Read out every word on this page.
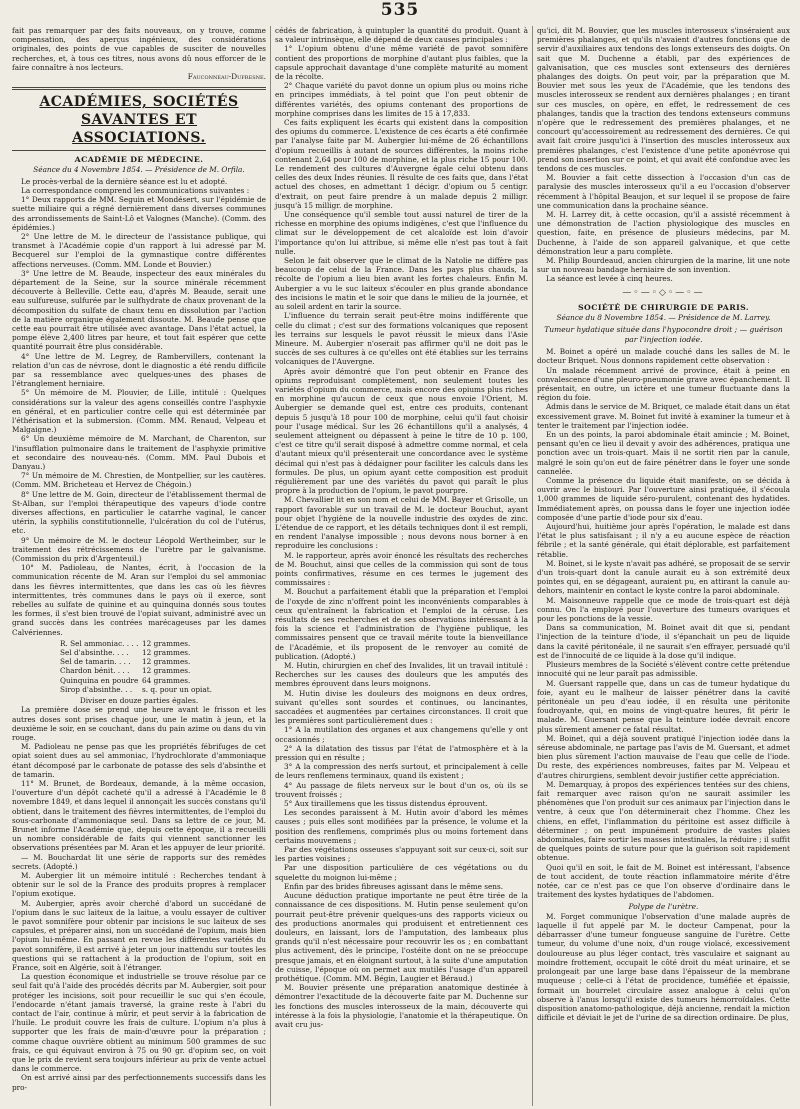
535

fait pas remarquer par des faits nouveaux, on y trouve, comme compensation, des aperçus ingénieux, des considérations originales, des points de vue capables de susciter de nouvelles recherches, et, à tous ces titres, nous avons dû nous efforcer de le faire connaître à nos lecteurs.

Fauconneau-Dufresne.
ACADÉMIES, SOCIÉTÉS SAVANTES ET ASSOCIATIONS.
ACADÉMIE DE MÉDECINE.
Séance du 4 Novembre 1854. — Présidence de M. Orfila.

Le procès-verbal de la dernière séance est lu et adopté.

La correspondance comprend les communications suivantes :

1° Deux rapports de MM. Seguin et Mondésert, sur l'épidémie de suette miliaire qui a régné dernièrement dans diverses communes des arrondissements de Saint-Lô et Valognes (Manche). (Comm. des épidémies.)

2° Une lettre de M. le directeur de l'assistance publique, qui transmet à l'Académie copie d'un rapport à lui adressé par M. Becquerel sur l'emploi de la gymnastique contre différentes affections nerveuses. (Comm. MM. Londe et Bouvier.)

3° Une lettre de M. Beaude, inspecteur des eaux minérales du département de la Seine, sur la source minérale récemment découverte à Belleville. Cette eau, d'après M. Beaude, serait une eau sulfureuse, sulfurée par le sulfhydrate de chaux provenant de la décomposition du sulfate de chaux tenu en dissolution par l'action de la matière organique également dissoute. M. Beaude pense que cette eau pourrait être utilisée avec avantage. Dans l'état actuel, la pompe élève 2,400 litres par heure, et tout fait espérer que cette quantité pourrait être plus considérable.

4° Une lettre de M. Legrey, de Rambervillers, contenant la relation d'un cas de névrose, dont le diagnostic a été rendu difficile par sa ressemblance avec quelques-unes des phases de l'étranglement herniaire.

5° Un mémoire de M. Plouvier, de Lille, intitulé : Quelques considérations sur la valeur des agens conseillés contre l'asphyxie en général, et en particulier contre celle qui est déterminée par l'éthérisation et la submersion. (Comm. MM. Renaud, Velpeau et Malgaigne.)

6° Un deuxième mémoire de M. Marchant, de Charenton, sur l'insufflation pulmonaire dans le traitement de l'asphyxie primitive et secondaire des nouveau-nés. (Comm. MM. Paul Dubois et Danyau.)

7° Un mémoire de M. Chrestien, de Montpellier, sur les cautères. (Comm. MM. Bricheteau et Hervez de Chégoin.)

8° Une lettre de M. Goin, directeur de l'établissement thermal de St-Alban, sur l'emploi thérapeutique des vapeurs d'iode contre diverses affections, en particulier le catarrhe vaginal, le cancer utérin, la syphilis constitutionnelle, l'ulcération du col de l'utérus, etc.

9° Un mémoire de M. le docteur Léopold Wertheimber, sur le traitement des rétrécissemens de l'urètre par le galvanisme. (Commission du prix d'Argenteuil.)

10° M. Padioleau, de Nantes, écrit, à l'occasion de la communication récente de M. Aran sur l'emploi du sel ammoniac dans les fièvres intermittentes, que dans les cas où les fièvres intermittentes, très communes dans le pays où il exerce, sont rebelles au sulfate de quinine et au quinquina donnés sous toutes les formes, il s'est bien trouvé de l'opiat suivant, administré avec un grand succès dans les contrées marécageuses par les dames Calvériennes.

R. Sel ammoniac. . . . 12 grammes.
Sel d'absinthe. . . .	12 grammes.
Sel de tamarin. . . .	12 grammes.
Chardon bénit. . . .	12 grammes.
Quinquina en poudre 64 grammes.
Sirop d'absinthe. . .	s. q. pour un opiat.
Diviser en douze parties égales.

La première dose se prend une heure avant le frisson et les autres doses sont prises chaque jour, une le matin à jeun, et la deuxième le soir, en se couchant, dans du pain azime ou dans du vin rouge.

M. Padioleau ne pense pas que les propriétés fébrifuges de cet opiat soient dues au sel ammoniac, l'hydrochlorate d'ammoniaque étant décomposé par le carbonate de potasse des sels d'absinthe et de tamarin.

11° M. Brunet, de Bordeaux, demande, à la même occasion, l'ouverture d'un dépôt cacheté qu'il a adressé à l'Académie le 8 novembre 1849, et dans lequel il annonçait les succès constans qu'il obtient, dans le traitement des fièvres intermittentes, de l'emploi du sous-carbonate d'ammoniaque seul. Dans sa lettre de ce jour, M. Brunet informe l'Académie que, depuis cette époque, il a recueilli un nombre considérable de faits qui viennent sanctionner les observations présentées par M. Aran et les appuyer de leur priorité.

— M. Bouchardat lit une série de rapports sur des remèdes secrets. (Adopté.)

M. Aubergier lit un mémoire intitulé : Recherches tendant à obtenir sur le sol de la France des produits propres à remplacer l'opium exotique.

M. Aubergier, après avoir cherché d'abord un succédané de l'opium dans le suc laiteux de la laitue, a voulu essayer de cultiver le pavot somnifère pour obtenir par incisions le suc laiteux de ses capsules, et préparer ainsi, non un succédané de l'opium, mais bien l'opium lui-même. En passant en revue les différentes variétés du pavot somnifère, il est arrivé à jeter un jour inattendu sur toutes les questions qui se rattachent à la production de l'opium, soit en France, soit en Algérie, soit à l'étranger.

La question économique et industrielle se trouve résolue par ce seul fait qu'à l'aide des procédés décrits par M. Aubergier, soit pour protéger les incisions, soit pour recueillir le suc qui s'en écoule, l'endocarde n'étant jamais traversé, la graine reste à l'abri du contact de l'air, continue à mûrir, et peut servir à la fabrication de l'huile. Le produit couvre les frais de culture. L'opium n'a plus à supporter que les frais de main-d'œuvre pour la préparation ; comme chaque ouvrière obtient au minimum 500 grammes de suc frais, ce qui équivaut environ à 75 ou 90 gr. d'opium sec, on voit que le prix de revient sera toujours inférieur au prix de vente actuel dans le commerce.

On est arrivé ainsi par des perfectionnements successifs dans les pro-

cédés de fabrication, à quintupler la quantité du produit. Quant à sa valeur intrinsèque, elle dépend de deux causes principales :

1° L'opium obtenu d'une même variété de pavot somnifère contient des proportions de morphine d'autant plus faibles, que la capsule approchait davantage d'une complète maturité au moment de la récolte.

2° Chaque variété du pavot donne un opium plus ou moins riche en principes immédiats, à tel point que l'on peut obtenir de différentes variétés, des opiums contenant des proportions de morphine comprises dans les limites de 15 à 17,833.

Ces faits expliquent les écarts qui existent dans la composition des opiums du commerce. L'existence de ces écarts a été confirmée par l'analyse faite par M. Aubergier lui-même de 26 échantillons d'opium recueillis à autant de sources différentes, la moins riche contenant 2,64 pour 100 de morphine, et la plus riche 15 pour 100. Le rendement des cultures d'Auvergne égale celui obtenu dans celles des deux Indes réunies. Il résulte de ces faits que, dans l'état actuel des choses, en admettant 1 décigr. d'opium ou 5 centigr. d'extrait, on peut faire prendre à un malade depuis 2 milligr. jusqu'à 15 milligr. de morphine.

Une conséquence qu'il semble tout aussi naturel de tirer de la richesse en morphine des opiums indigènes, c'est que l'influence du climat sur le développement de cet alcaloïde est loin d'avoir l'importance qu'on lui attribue, si même elle n'est pas tout à fait nulle.

Selon le fait observer que le climat de la Natolie ne diffère pas beaucoup de celui de la France. Dans les pays plus chauds, la récolte de l'opium a lieu bien avant les fortes chaleurs. Enfin M. Aubergier a vu le suc laiteux s'écouler en plus grande abondance des incisions le matin et le soir que dans le milieu de la journée, et au soleil ardent en tarir la source.

L'influence du terrain serait peut-être moins indifférente que celle du climat ; c'est sur des formations volcaniques que reposent les terrains sur lesquels le pavot réussit le mieux dans l'Asie Mineure. M. Aubergier n'oserait pas affirmer qu'il ne doit pas le succès de ses cultures à ce qu'elles ont été établies sur les terrains volcaniques de l'Auvergne.

Après avoir démontré que l'on peut obtenir en France des opiums reproduisant complètement, non seulement toutes les variétés d'opium du commerce, mais encore des opiums plus riches en morphine qu'aucun de ceux que nous envoie l'Orient, M. Aubergier se demande quel est, entre ces produits, contenant depuis 5 jusqu'à 18 pour 100 de morphine, celui qu'il faut choisir pour l'usage médical. Sur les 26 échantillons qu'il a analysés, 4 seulement atteignent ou dépassent à peine le titre de 10 p. 100, c'est ce titre qu'il serait disposé à admettre comme normal, et cela d'autant mieux qu'il présenterait une concordance avec le système décimal qui n'est pas à dédaigner pour faciliter les calculs dans les formules. De plus, un opium ayant cette composition est produit régulièrement par une des variétés du pavot qui paraît le plus propre à la production de l'opium, le pavot pourpre.

M. Chevallier lit en son nom et celui de MM. Bayer et Grisolle, un rapport favorable sur un travail de M. le docteur Bouchut, ayant pour objet l'hygiène de la nouvelle industrie des oxydes de zinc. L'étendue de ce rapport, et les détails techniques dont il est rempli, en rendent l'analyse impossible ; nous devons nous borner à en reproduire les conclusions :

M. le rapporteur, après avoir énoncé les résultats des recherches de M. Bouchut, ainsi que celles de la commission qui sont de tous points confirmatives, résume en ces termes le jugement des commissaires :

M. Bouchut a parfaitement établi que la préparation et l'emploi de l'oxyde de zinc n'offrent point les inconvénients comparables à ceux qu'entraînent la fabrication et l'emploi de la céruse. Les résultats de ses recherches et de ses observations intéressant à la fois la science et l'administration de l'hygiène publique, les commissaires pensent que ce travail mérite toute la bienveillance de l'Académie, et ils proposent de le renvoyer au comité de publication. (Adopté.)

M. Hutin, chirurgien en chef des Invalides, lit un travail intitulé : Recherches sur les causes des douleurs que les amputés des membres éprouvent dans leurs moignons.

M. Hutin divise les douleurs des moignons en deux ordres, suivant qu'elles sont sourdes et continues, ou lancinantes, saccadées et augmentées par certaines circonstances. Il croit que les premières sont particulièrement dues :

1° A la mutilation des organes et aux changemens qu'elle y ont occasionnés ;

2° A la dilatation des tissus par l'état de l'atmosphère et à la pression qui en résulte ;

3° A la compression des nerfs surtout, et principalement à celle de leurs renflemens terminaux, quand ils existent ;

4° Au passage de filets nerveux sur le bout d'un os, où ils se trouvent froissés ;

5° Aux tiraillemens que les tissus distendus éprouvent.

Les secondes paraissent à M. Hutin avoir d'abord les mêmes causes ; puis elles sont modifiées par la présence, le volume et la position des renflemens, comprimés plus ou moins fortement dans certains mouvemens ;

Par des végétations osseuses s'appuyant soit sur ceux-ci, soit sur les parties voisines ;

Par une disposition particulière de ces végétations ou du squelette du moignon lui-même ;

Enfin par des brides fibreuses agissant dans le même sens.

Aucune déduction pratique importante ne peut être tirée de la connaissance de ces dispositions. M. Hutin pense seulement qu'on pourrait peut-être prévenir quelques-uns des rapports vicieux ou des productions anormales qui produisent et entretiennent ces douleurs, en laissant, lors de l'amputation, des lambeaux plus grands qu'il n'est nécessaire pour recouvrir les os ; en combattant plus activement, dès le principe, l'ostéite dont on ne se préoccupe presque jamais, et en éloignant surtout, à la suite d'une amputation de cuisse, l'époque où on permet aux mutilés l'usage d'un appareil prothétique. (Comm. MM. Bégin, Laugier et Béraud.)

M. Bouvier présente une préparation anatomique destinée à démontrer l'exactitude de la découverte faite par M. Duchenne sur les fonctions des muscles interosseux de la main, découverte qui intéresse à la fois la physiologie, l'anatomie et la thérapeutique. On avait cru jus-

qu'ici, dit M. Bouvier, que les muscles interosseux s'inséraient aux premières phalanges, et qu'ils n'avaient d'autres fonctions que de servir d'auxiliaires aux tendons des longs extenseurs des doigts. On sait que M. Duchenne a établi, par des expériences de galvanisation, que ces muscles sont extenseurs des dernières phalanges des doigts. On peut voir, par la préparation que M. Bouvier met sous les yeux de l'Académie, que les tendons des muscles interosseux se rendent aux dernières phalanges ; en tirant sur ces muscles, on opère, en effet, le redressement de ces phalanges, tandis que la traction des tendons extenseurs communs n'opère que le redressement des premières phalanges, et ne concourt qu'accessoirement au redressement des dernières. Ce qui avait fait croire jusqu'ici à l'insertion des muscles interosseux aux premières phalanges, c'est l'existence d'une petite aponévrose qui prend son insertion sur ce point, et qui avait été confondue avec les tendons de ces muscles.

M. Bouvier a fait cette dissection à l'occasion d'un cas de paralysie des muscles interosseux qu'il a eu l'occasion d'observer récemment à l'hôpital Beaujon, et sur lequel il se propose de faire une communication dans la prochaine séance.

M. H. Larrey dit, à cette occasion, qu'il a assisté récemment à une démonstration de l'action physiologique des muscles en question, faite, en présence de plusieurs médecins, par M. Duchenne, à l'aide de son appareil galvanique, et que cette démonstration leur a paru complète.

M. Philip Bourdeaud, ancien chirurgien de la marine, lit une note sur un nouveau bandage herniaire de son invention.

La séance est levée à cinq heures.

—◦—◦◇◦—◦—
SOCIÉTÉ DE CHIRURGIE DE PARIS.
Séance du 8 Novembre 1854. — Présidence de M. Larrey.
Tumeur hydatique située dans l'hypocondre droit ; — guérison par l'injection iodée.

M. Boinet a opéré un malade couché dans les salles de M. le docteur Briquet. Nous donnons rapidement cette observation :

Un malade récemment arrivé de province, était à peine en convalescence d'une pleuro-pneumonie grave avec épanchement. Il présentait, en outre, un ictère et une tumeur fluctuante dans la région du foie.

Admis dans le service de M. Briquet, ce malade était dans un état excessivement grave. M. Boinet fut invité à examiner la tumeur et à tenter le traitement par l'injection iodée.

En un des points, la paroi abdominale était amincie ; M. Boinet, pensant qu'en ce lieu il devait y avoir des adhérences, pratiqua une ponction avec un trois-quart. Mais il ne sortit rien par la canule, malgré le soin qu'on eut de faire pénétrer dans le foyer une sonde cannelée.

Comme la présence du liquide était manifeste, on se décida à ouvrir avec le bistouri. Par l'ouverture ainsi pratiquée, il s'écoula 1,000 grammes de liquide séro-purulent, contenant des hydatides. Immédiatement après, on poussa dans le foyer une injection iodée composée d'une partie d'iode pour six d'eau.

Aujourd'hui, huitième jour après l'opération, le malade est dans l'état le plus satisfaisant ; il n'y a eu aucune espèce de réaction fébrile ; et la santé générale, qui était déplorable, est parfaitement rétablie.

M. Boinet, si le kyste n'avait pas adhéré, se proposait de se servir d'un trois-quart dont la canule aurait eu à son extrémité deux pointes qui, en se dégageant, auraient pu, en attirant la canule au-dehors, maintenir en contact le kyste contre la paroi abdominale.

M. Maisonneuve rappelle que ce mode de trois-quart est déjà connu. On l'a employé pour l'ouverture des tumeurs ovariques et pour les ponctions de la vessie.

Dans sa communication, M. Boinet avait dit que si, pendant l'injection de la teinture d'iode, il s'épanchait un peu de liquide dans la cavité péritonéale, il ne saurait s'en effrayer, persuadé qu'il est de l'innocuité de ce liquide à la dose qu'il indique.

Plusieurs membres de la Société s'élèvent contre cette prétendue innocuité qui ne leur paraît pas admissible.

M. Guersant rappelle que, dans un cas de tumeur hydatique du foie, ayant eu le malheur de laisser pénétrer dans la cavité péritonéale un peu d'eau iodée, il en résulta une péritonite foudroyante, qui, en moins de vingt-quatre heures, fit périr le malade. M. Guersant pense que la teinture iodée devrait encore plus sûrement amener ce fatal résultat.

M. Boinet, qui a déjà souvent pratiqué l'injection iodée dans la séreuse abdominale, ne partage pas l'avis de M. Guersant, et admet bien plus sûrement l'action mauvaise de l'eau que celle de l'iode. Du reste, des expériences nombreuses, faites par M. Velpeau et d'autres chirurgiens, semblent devoir justifier cette appréciation.

M. Demarquay, à propos des expériences tentées sur des chiens, fait remarquer avec raison qu'on ne saurait assimiler les phénomènes que l'on produit sur ces animaux par l'injection dans le ventre, à ceux que l'on déterminerait chez l'homme. Chez les chiens, en effet, l'inflammation du péritoine est assez difficile à déterminer ; on peut impunément produire de vastes plaies abdominales, faire sortir les masses intestinales, la réduire ; il suffit de quelques points de suture pour que la guérison soit rapidement obtenue.

Quoi qu'il en soit, le fait de M. Boinet est intéressant, l'absence de tout accident, de toute réaction inflammatoire mérite d'être notée, car ce n'est pas ce que l'on observe d'ordinaire dans le traitement des kystes hydatiques de l'abdomen.

Polype de l'urètre.

M. Forget communique l'observation d'une malade auprès de laquelle il fut appelé par M. le docteur Campenat, pour la débarrasser d'une tumeur fongueuse sanguine de l'urètre. Cette tumeur, du volume d'une noix, d'un rouge violacé, excessivement douloureuse au plus léger contact, très vasculaire et saignant au moindre frottement, occupait le côté droit du méat urinaire, et se prolongeait par une large base dans l'épaisseur de la membrane muqueuse ; celle-ci à l'état de procidence, tuméfiée et épaissie, formait un bourrelet circulaire assez analogue à celui qu'on observe à l'anus lorsqu'il existe des tumeurs hémorroïdales. Cette disposition anatomo-pathologique, déjà ancienne, rendait la miction difficile et déviait le jet de l'urine de sa direction ordinaire. De plus,
